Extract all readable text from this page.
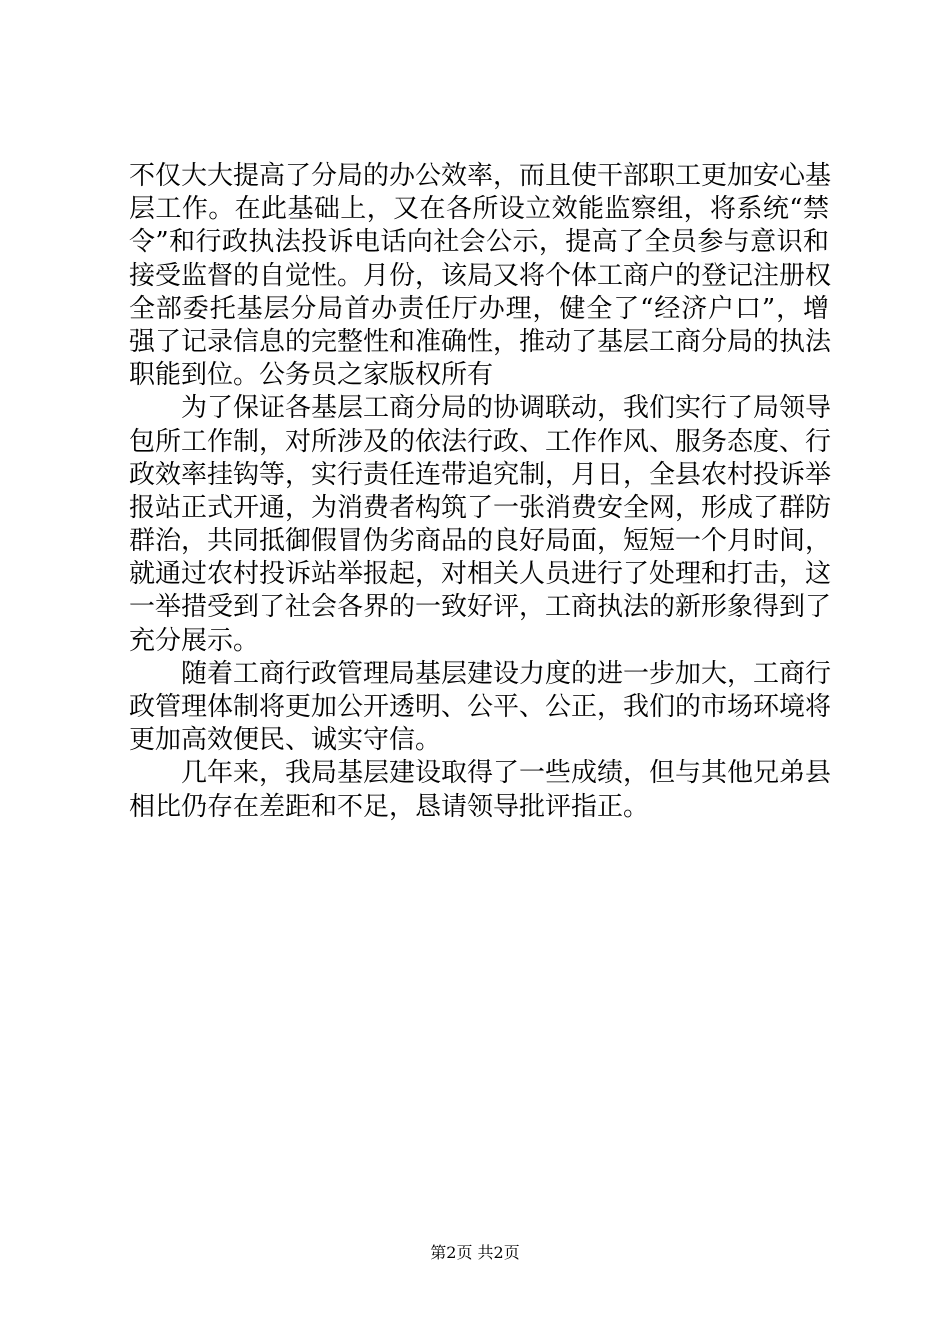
不仅大大提高了分局的办公效率，而且使干部职工更加安心基
层工作。在此基础上，又在各所设立效能监察组，将系统“禁
令”和行政执法投诉电话向社会公示，提高了全员参与意识和
接受监督的自觉性。月份，该局又将个体工商户的登记注册权
全部委托基层分局首办责任厅办理，健全了“经济户口”，增
强了记录信息的完整性和准确性，推动了基层工商分局的执法
职能到位。公务员之家版权所有
为了保证各基层工商分局的协调联动，我们实行了局领导
包所工作制，对所涉及的依法行政、工作作风、服务态度、行
政效率挂钩等，实行责任连带追究制，月日，全县农村投诉举
报站正式开通，为消费者构筑了一张消费安全网，形成了群防
群治，共同抵御假冒伪劣商品的良好局面，短短一个月时间，
就通过农村投诉站举报起，对相关人员进行了处理和打击，这
一举措受到了社会各界的一致好评，工商执法的新形象得到了
充分展示。
随着工商行政管理局基层建设力度的进一步加大，工商行
政管理体制将更加公开透明、公平、公正，我们的市场环境将
更加高效便民、诚实守信。
几年来，我局基层建设取得了一些成绩，但与其他兄弟县
相比仍存在差距和不足，恳请领导批评指正。
第2页 共2页
